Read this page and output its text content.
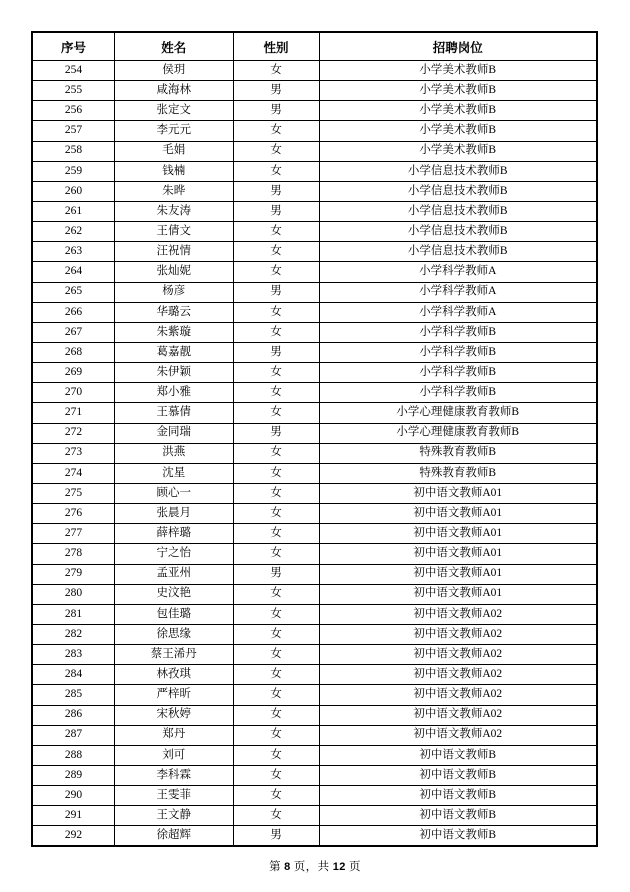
序号	姓名	性别	招聘岗位
254	侯玥	女	小学美术教师B
255	咸海林	男	小学美术教师B
256	张定文	男	小学美术教师B
257	李元元	女	小学美术教师B
258	毛娟	女	小学美术教师B
259	钱楠	女	小学信息技术教师B
260	朱晔	男	小学信息技术教师B
261	朱友涛	男	小学信息技术教师B
262	王倩文	女	小学信息技术教师B
263	汪祝情	女	小学信息技术教师B
264	张灿妮	女	小学科学教师A
265	杨彦	男	小学科学教师A
266	华璐云	女	小学科学教师A
267	朱紫璇	女	小学科学教师B
268	葛嘉靓	男	小学科学教师B
269	朱伊颖	女	小学科学教师B
270	郑小雅	女	小学科学教师B
271	王慕倩	女	小学心理健康教育教师B
272	金同瑞	男	小学心理健康教育教师B
273	洪燕	女	特殊教育教师B
274	沈星	女	特殊教育教师B
275	顾心一	女	初中语文教师A01
276	张晨月	女	初中语文教师A01
277	薛梓璐	女	初中语文教师A01
278	宁之怡	女	初中语文教师A01
279	孟亚州	男	初中语文教师A01
280	史汶艳	女	初中语文教师A01
281	包佳璐	女	初中语文教师A02
282	徐思缘	女	初中语文教师A02
283	蔡王浠丹	女	初中语文教师A02
284	林孜琪	女	初中语文教师A02
285	严梓昕	女	初中语文教师A02
286	宋秋婷	女	初中语文教师A02
287	郑丹	女	初中语文教师A02
288	刘可	女	初中语文教师B
289	李科霖	女	初中语文教师B
290	王雯菲	女	初中语文教师B
291	王文静	女	初中语文教师B
292	徐超辉	男	初中语文教师B
第 8 页，共 12 页
